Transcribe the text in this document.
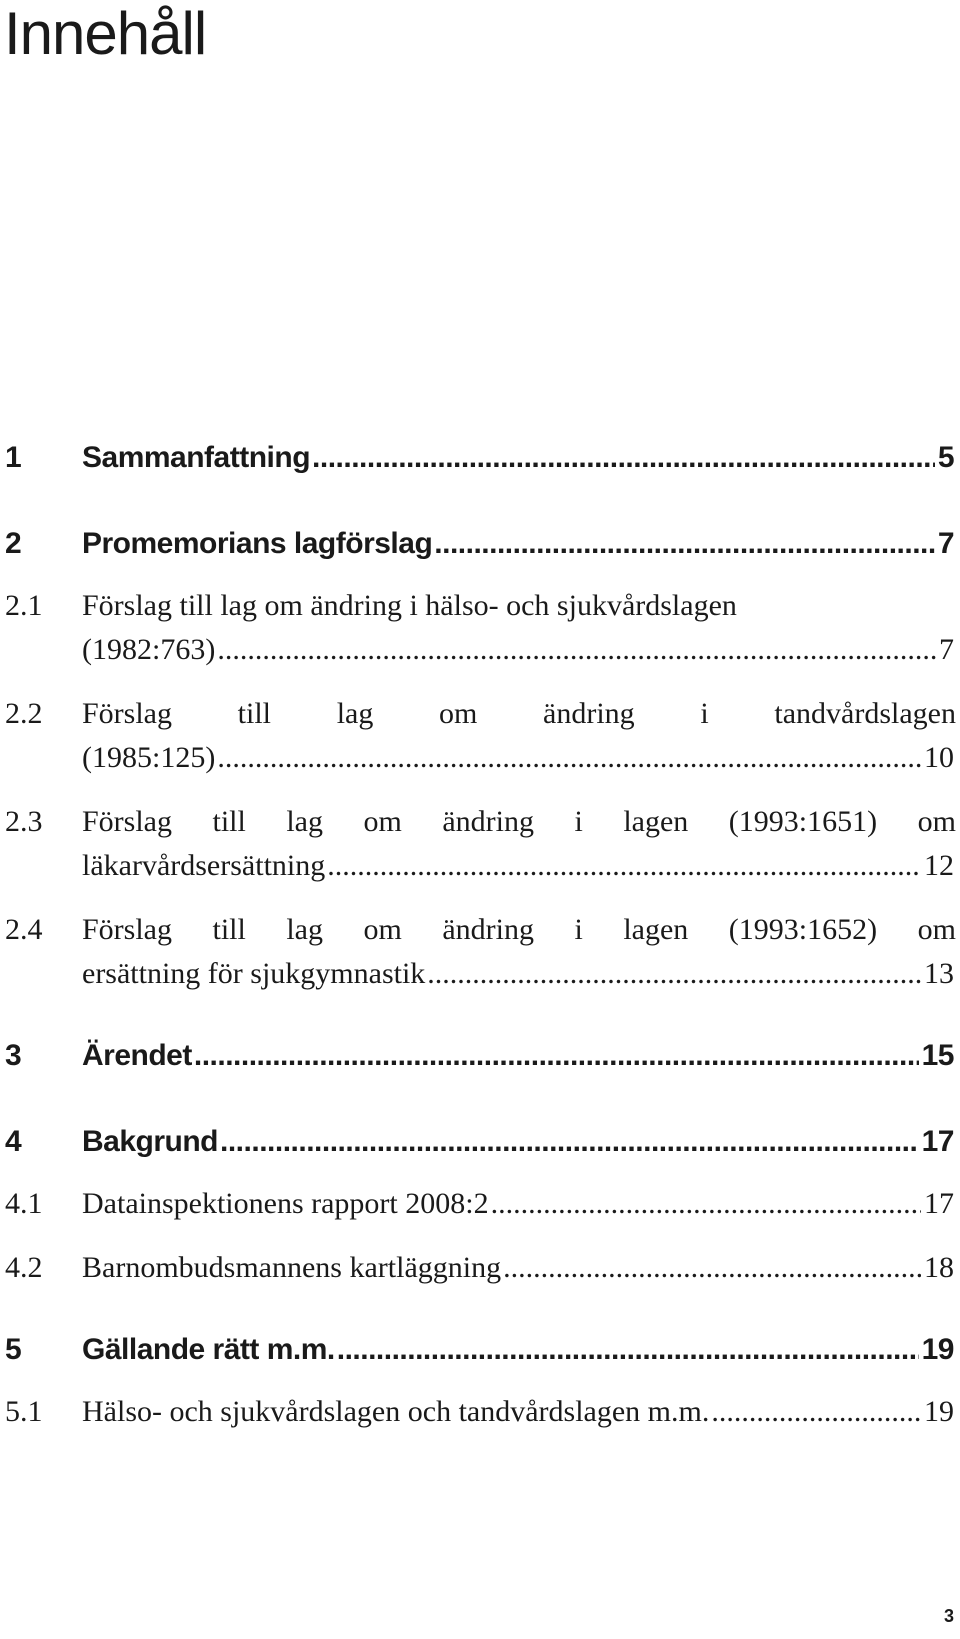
Innehåll
1	Sammanfattning .....	5
2	Promemorians lagförslag .....	7
2.1	Förslag till lag om ändring i hälso- och sjukvårdslagen
(1982:763) .....	7
2.2	Förslag till lag om ändring i tandvårdslagen
(1985:125) .....	10
2.3	Förslag till lag om ändring i lagen (1993:1651) om
läkarvårdsersättning .....	12
2.4	Förslag till lag om ändring i lagen (1993:1652) om
ersättning för sjukgymnastik .....	13
3	Ärendet .....	15
4	Bakgrund .....	17
4.1	Datainspektionens rapport 2008:2 .....	17
4.2	Barnombudsmannens kartläggning .....	18
5	Gällande rätt m.m. .....	19
5.1	Hälso- och sjukvårdslagen och tandvårdslagen m.m. .....	19
3
